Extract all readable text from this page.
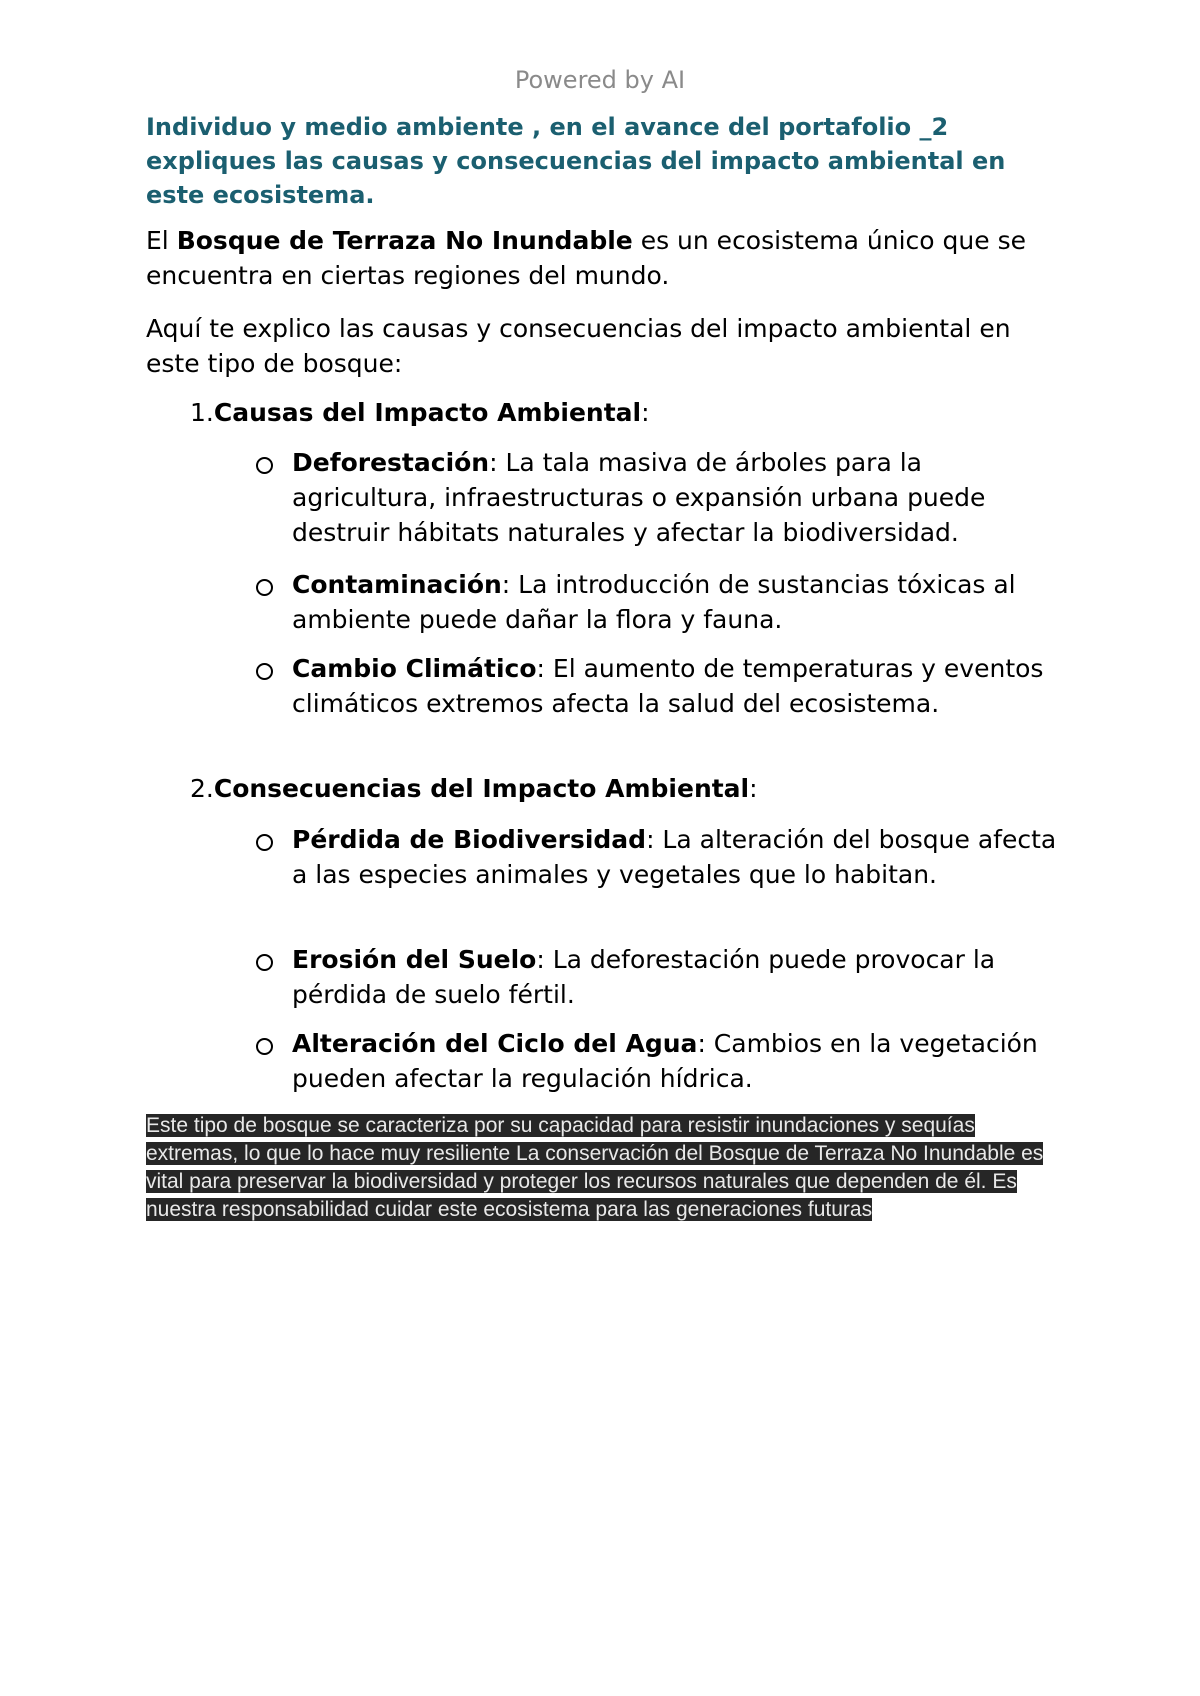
Powered by AI
Individuo y medio ambiente , en el avance del portafolio _2 expliques las causas y consecuencias del impacto ambiental en este ecosistema.

El Bosque de Terraza No Inundable es un ecosistema único que se encuentra en ciertas regiones del mundo.

Aquí te explico las causas y consecuencias del impacto ambiental en este tipo de bosque:

1.Causas del Impacto Ambiental:
Deforestación: La tala masiva de árboles para la agricultura, infraestructuras o expansión urbana puede destruir hábitats naturales y afectar la biodiversidad.
Contaminación: La introducción de sustancias tóxicas al ambiente puede dañar la flora y fauna.
Cambio Climático: El aumento de temperaturas y eventos climáticos extremos afecta la salud del ecosistema.
2.Consecuencias del Impacto Ambiental:
Pérdida de Biodiversidad: La alteración del bosque afecta a las especies animales y vegetales que lo habitan.
Erosión del Suelo: La deforestación puede provocar la pérdida de suelo fértil.
Alteración del Ciclo del Agua: Cambios en la vegetación pueden afectar la regulación hídrica.

Este tipo de bosque se caracteriza por su capacidad para resistir inundaciones y sequías extremas, lo que lo hace muy resiliente La conservación del Bosque de Terraza No Inundable es vital para preservar la biodiversidad y proteger los recursos naturales que dependen de él. Es nuestra responsabilidad cuidar este ecosistema para las generaciones futuras
